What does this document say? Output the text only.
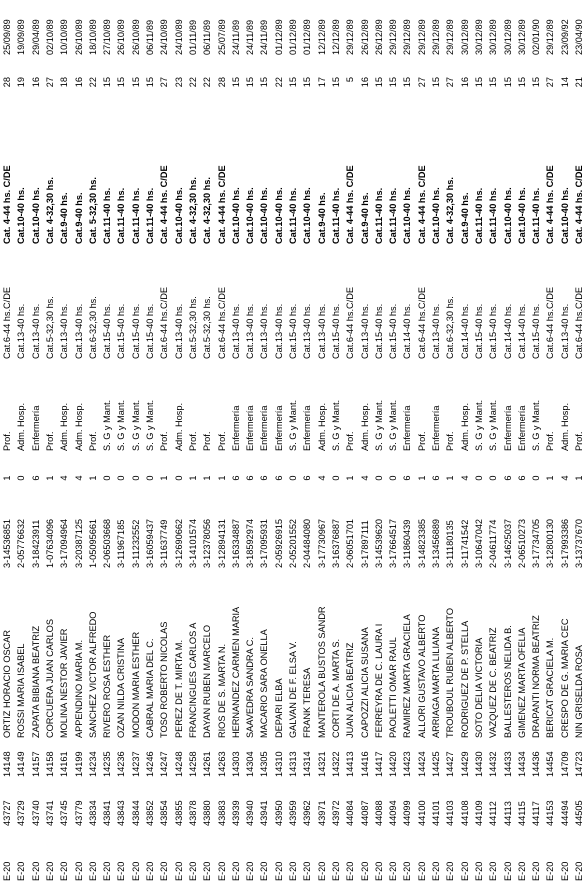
E-20
43727
14148
ORTIZ HORACIO OSCAR
3-14536851
1
Prof.
Cat.6-44 hs.C/DE
Cat. 4-44 hs. C/DE
28
25/09/89
E-20
43729
14149
ROSSI MARIA ISABEL
2-05776632
0
Adm. Hosp.
Cat.13-40 hs.
Cat.10-40 hs.
19
19/09/89
E-20
43740
14157
ZAPATA BIBIANA BEATRIZ
3-18423911
6
Enfermería
Cat.13-40 hs.
Cat.10-40 hs.
16
29/04/89
E-20
43741
14158
CORCUERA JUAN CARLOS
1-07634096
1
Prof.
Cat.5-32,30 hs.
Cat. 4-32,30 hs.
27
02/10/89
E-20
43745
14161
MOLINA NESTOR JAVIER
3-17094964
4
Adm. Hosp.
Cat.13-40 hs.
Cat.9-40 hs.
18
10/10/89
E-20
43779
14199
APPENDINO MARIA M.
3-20387125
4
Adm. Hosp.
Cat.13-40 hs.
Cat.9-40 hs.
16
26/10/89
E-20
43834
14234
SANCHEZ VICTOR ALFREDO
1-05095661
1
Prof.
Cat.6-32,30 hs.
Cat. 5-32,30 hs.
22
18/10/89
E-20
43841
14235
RIVERO ROSA ESTHER
2-06503668
0
S. G y Mant.
Cat.15-40 hs.
Cat.11-40 hs.
15
27/10/89
E-20
43843
14236
OZAN NILDA CRISTINA
3-11967185
0
S. G y Mant.
Cat.15-40 hs.
Cat.11-40 hs.
15
26/10/89
E-20
43844
14237
MODON MARIA ESTHER
3-11232552
0
S. G y Mant.
Cat.15-40 hs.
Cat.11-40 hs.
15
26/10/89
E-20
43852
14246
CABRAL MARIA DEL C.
3-16059437
0
S. G y Mant.
Cat.15-40 hs.
Cat.11-40 hs.
15
06/11/89
E-20
43854
14247
TOSO ROBERTO NICOLAS
3-11637749
1
Prof.
Cat.6-44 hs.C/DE
Cat. 4-44 hs. C/DE
27
24/10/89
E-20
43855
14248
PEREZ DE T. MIRTA M.
3-12690662
0
Adm. Hosp.
Cat.13-40 hs.
Cat.10-40 hs.
23
24/10/89
E-20
43878
14258
FRANCINGUES CARLOS A
3-14101574
1
Prof.
Cat.5-32,30 hs.
Cat. 4-32,30 hs.
22
01/11/89
E-20
43880
14261
DAYAN RUBEN MARCELO
3-12378056
1
Prof.
Cat.5-32,30 hs.
Cat. 4-32,30 hs.
22
06/11/89
E-20
43883
14263
RIOS DE S. MARTA N.
3-12894131
1
Prof.
Cat.6-44 hs.C/DE
Cat. 4-44 hs. C/DE
28
25/07/89
E-20
43939
14303
HERNANDEZ CARMEN MARIA
3-16334887
6
Enfermería
Cat.13-40 hs.
Cat.10-40 hs.
15
24/11/89
E-20
43940
14304
SAAVEDRA SANDRA C.
3-18592974
6
Enfermería
Cat.13-40 hs.
Cat.10-40 hs.
15
24/11/89
E-20
43941
14305
MACARIO SARA ONELLA
3-17095931
6
Enfermería
Cat.13-40 hs.
Cat.10-40 hs.
15
24/11/89
E-20
43950
14310
DEPARI ELBA
2-05926915
6
Enfermería
Cat.13-40 hs.
Cat.10-40 hs.
22
01/12/89
E-20
43959
14313
GALVAN DE F. ELSA V.
2-05201552
0
S. G y Mant.
Cat.15-40 hs.
Cat.11-40 hs.
15
01/12/89
E-20
43962
14314
FRANK TERESA
2-04484080
6
Enfermería
Cat.13-40 hs.
Cat.10-40 hs.
15
01/12/89
E-20
43971
14321
MANTEROLA BUSTOS SANDR
3-17730967
4
Adm. Hosp.
Cat.13-40 hs.
Cat.9-40 hs.
17
12/12/89
E-20
43972
14322
CORTI DE A. MARTA S.
3-16376887
0
S. G y Mant.
Cat.15-40 hs.
Cat.11-40 hs.
15
12/12/89
E-20
44084
14413
JUAN ALICIA BEATRIZ
2-06051701
1
Prof.
Cat.6-44 hs.C/DE
Cat. 4-44 hs. C/DE
5
29/12/89
E-20
44087
14416
CAPOZZI ALICIA SUSANA
3-17897111
4
Adm. Hosp.
Cat.13-40 hs.
Cat.9-40 hs.
16
26/12/89
E-20
44088
14417
FERREYRA DE C. LAURA I
3-14539620
0
S. G y Mant.
Cat.15-40 hs.
Cat.11-40 hs.
15
26/12/89
E-20
44094
14420
PAOLETTI OMAR RAUL
3-17664517
0
S. G y Mant.
Cat.15-40 hs.
Cat.11-40 hs.
15
29/12/89
E-20
44099
14423
RAMIREZ MARTA GRACIELA
3-11860439
6
Enfermería
Cat.14-40 hs.
Cat.10-40 hs.
15
29/12/89
E-20
44100
14424
ALLORI GUSTAVO ALBERTO
3-14823385
1
Prof.
Cat.6-44 hs.C/DE
Cat. 4-44 hs. C/DE
27
29/12/89
E-20
44101
14425
ARRIAGA MARTA LILIANA
3-13456889
6
Enfermería
Cat.13-40 hs.
Cat.10-40 hs.
15
29/12/89
E-20
44103
14427
TROUBOUL RUBEN ALBERTO
3-11180135
1
Prof.
Cat.6-32,30 hs.
Cat. 4-32,30 hs.
27
29/12/89
E-20
44108
14429
RODRIGUEZ DE P. STELLA
3-11741542
4
Adm. Hosp.
Cat.14-40 hs.
Cat.9-40 hs.
16
30/12/89
E-20
44109
14430
SOTO DELIA VICTORIA
3-10647042
0
S. G y Mant.
Cat.15-40 hs.
Cat.11-40 hs.
15
30/12/89
E-20
44112
14432
VAZQUEZ DE C. BEATRIZ
2-04611774
0
S. G y Mant.
Cat.15-40 hs.
Cat.11-40 hs.
15
30/12/89
E-20
44113
14433
BALLESTEROS NELIDA B.
3-14625037
6
Enfermería
Cat.14-40 hs.
Cat.10-40 hs.
15
30/12/89
E-20
44115
14434
GIMENEZ MARTA OFELIA
2-06510273
6
Enfermería
Cat.14-40 hs.
Cat.10-40 hs.
15
30/12/89
E-20
44117
14436
DRAPANTI NORMA BEATRIZ
3-17734705
0
S. G y Mant.
Cat.15-40 hs.
Cat.11-40 hs.
15
02/01/90
E-20
44153
14454
BERICAT GRACIELA M.
3-12800130
1
Prof.
Cat.6-44 hs.C/DE
Cat. 4-44 hs. C/DE
27
29/12/89
E-20
44494
14709
CRESPO DE G. MARIA CEC
3-17993386
4
Adm. Hosp.
Cat.13-40 hs.
Cat.10-40 hs.
14
23/09/92
E-20
44505
14723
NIN GRISELDA ROSA
3-13737670
1
Prof.
Cat.6-44 hs.C/DE
Cat. 4-44 hs. C/DE
21
23/04/90
